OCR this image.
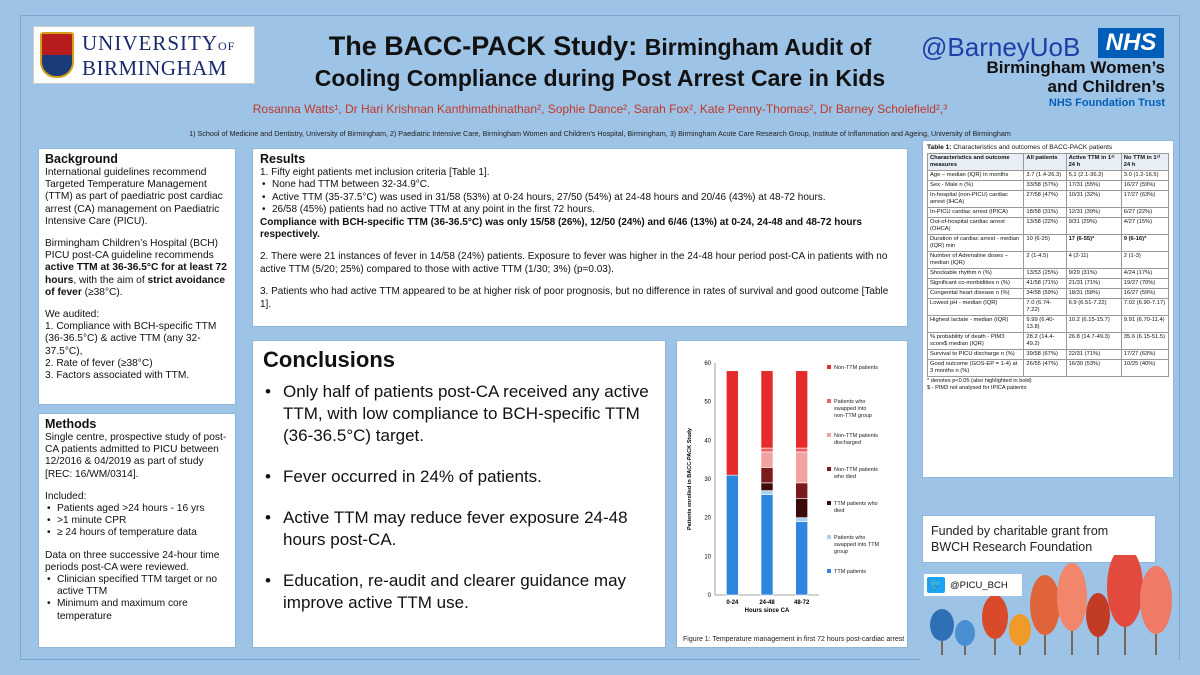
UNIVERSITYOF
BIRMINGHAM
The BACC-PACK Study: Birmingham Audit of
Cooling Compliance during Post Arrest Care in Kids
@BarneyUoB	NHS
Birmingham Women’s
and Children’s
NHS Foundation Trust
Rosanna Watts¹, Dr Hari Krishnan Kanthimathinathan², Sophie Dance², Sarah Fox², Kate Penny-Thomas², Dr Barney Scholefield²,³
1) School of Medicine and Dentistry, University of Birmingham, 2) Paediatric Intensive Care, Birmingham Women and Children’s Hospital, Birmingham, 3) Birmingham Acute Care Research Group, Institute of Inflammation and Ageing, University of Birmingham
Background

International guidelines recommend Targeted Temperature Management (TTM) as part of paediatric post cardiac arrest (CA) management on Paediatric Intensive Care (PICU).

Birmingham Children’s Hospital (BCH) PICU post-CA guideline recommends active TTM at 36-36.5°C for at least 72 hours, with the aim of strict avoidance of fever (≥38°C).

We audited:
1. Compliance with BCH-specific TTM (36-36.5°C) & active TTM (any 32-37.5°C),
2. Rate of fever (≥38°C)
3. Factors associated with TTM.
Methods

Single centre, prospective study of post-CA patients admitted to PICU between 12/2016 & 04/2019 as part of study [REC: 16/WM/0314].

Included:
• Patients aged >24 hours - 16 yrs
• >1 minute CPR
• ≥ 24 hours of temperature data
Data on three successive 24-hour time periods post-CA were reviewed.
• Clinician specified TTM target or no active TTM
• Minimum and maximum core temperature
Results
1. Fifty eight patients met inclusion criteria [Table 1].
• None had TTM between 32-34.9°C.
• Active TTM (35-37.5°C) was used in 31/58 (53%) at 0-24 hours, 27/50 (54%) at 24-48 hours and 20/46 (43%) at 48-72 hours.
• 26/58 (45%) patients had no active TTM at any point in the first 72 hours.

Compliance with BCH-specific TTM (36-36.5°C) was only 15/58 (26%), 12/50 (24%) and 6/46 (13%) at 0-24, 24-48 and 48-72 hours respectively.

2. There were 21 instances of fever in 14/58 (24%) patients. Exposure to fever was higher in the 24-48 hour period post-CA in patients with no active TTM (5/20; 25%) compared to those with active TTM (1/30; 3%) (p=0.03).

3. Patients who had active TTM appeared to be at higher risk of poor prognosis, but no difference in rates of survival and good outcome [Table 1].

Conclusions
• Only half of patients post-CA received any active TTM, with low compliance to BCH-specific TTM (36-36.5°C) target.
• Fever occurred in 24% of patients.
• Active TTM may reduce fever exposure 24-48 hours post-CA.
• Education, re-audit and clearer guidance may improve active TTM use.	0
10
20
30
40
50
60
Patients enrolled in BACC-PACK Study
0-24	24-48	48-72
Hours since CA
Non-TTM patients
Patients who
swapped into
non-TTM group
Non-TTM patients
discharged
Non-TTM patients
who died
TTM patients who
died
Patients who
swapped into TTM
group
TTM patients
Figure 1: Temperature management in first 72 hours post-cardiac arrest
Table 1: Characteristics and outcomes of BACC-PACK patients
Characteristics and outcome measures	All patients	Active TTM in 1ˢᵗ 24 h	No TTM in 1ˢᵗ 24 h
Age – median (IQR) in months	3.7 (1.4-26.3)	5.1 (2.1-36.2)	3.0 (1.2-16.5)
Sex - Male n (%)	33/58 (57%)	17/31 (55%)	16/27 (59%)
In-hospital (non-PICU) cardiac arrest (IHCA)	27/58 (47%)	10/31 (32%)	17/27 (63%)
In-PICU cardiac arrest (IPICA)	18/58 (31%)	12/31 (39%)	6/27 (22%)
Out-of-hospital cardiac arrest (OHCA)	13/58 (22%)	9/31 (29%)	4/27 (15%)
Duration of cardiac arrest - median (IQR) min	10 (6-25)	17 (6-55)*	9 (6-16)*
Number of Adrenaline doses – median (IQR)	2 (1-4.5)	4 (2-11)	2 (1-3)
Shockable rhythm n (%)	13/53 (25%)	9/29 (31%)	4/24 (17%)
Significant co-morbidities n (%)	41/58 (71%)	21/31 (71%)	19/27 (70%)
Congenital heart disease n (%)	34/58 (59%)	18/31 (58%)	16/27 (59%)
Lowest pH - median (IQR)	7.0 (6.74-7.22)	6.9 (6.51-7.22)	7.02 (6.90-7.17)
Highest lactate - median (IQR)	9.99 (6.40-13.8)	10.2 (6.15-15.7)	9.91 (6.70-11.4)
% probability of death - PIM3 score$ median (IQR)	28.2 (14.4-49.2)	26.8 (14.7-49.3)	35.6 (6.15-51.5)
Survival to PICU discharge n (%)	39/58 (67%)	22/31 (71%)	17/27 (63%)
Good outcome (GOS-EP = 1-4) at 3 months n (%)	26/55 (47%)	16/30 (53%)	10/25 (40%)
* denotes p<0.05 (also highlighted in bold)
$ - PIM3 not analysed for IPICA patients
Funded by charitable grant from BWCH Research Foundation
🐦 @PICU_BCH
